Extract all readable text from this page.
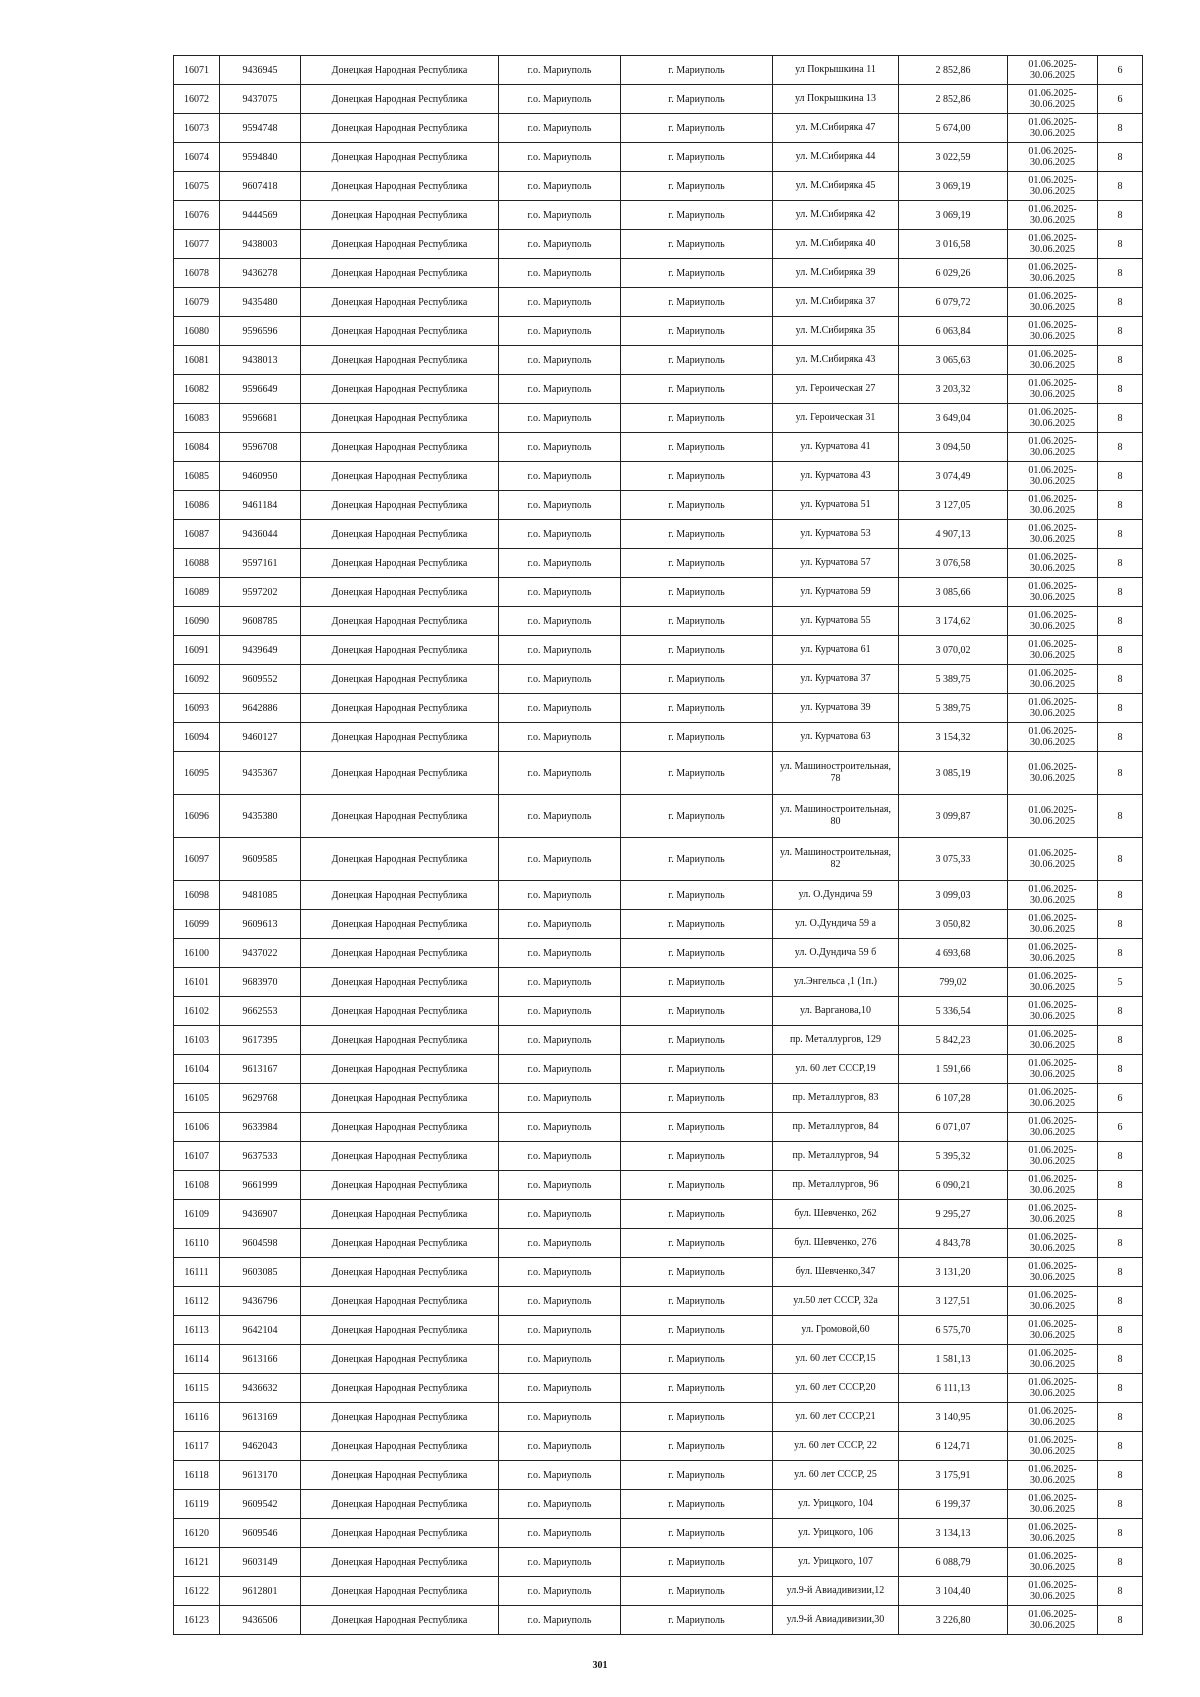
16071	9436945	Донецкая Народная Республика	г.о. Мариуполь	г. Мариуполь	ул Покрышкина 11	2 852,86	01.06.2025-
30.06.2025	6
16072	9437075	Донецкая Народная Республика	г.о. Мариуполь	г. Мариуполь	ул Покрышкина 13	2 852,86	01.06.2025-
30.06.2025	6
16073	9594748	Донецкая Народная Республика	г.о. Мариуполь	г. Мариуполь	ул. М.Сибиряка 47	5 674,00	01.06.2025-
30.06.2025	8
16074	9594840	Донецкая Народная Республика	г.о. Мариуполь	г. Мариуполь	ул. М.Сибиряка 44	3 022,59	01.06.2025-
30.06.2025	8
16075	9607418	Донецкая Народная Республика	г.о. Мариуполь	г. Мариуполь	ул. М.Сибиряка 45	3 069,19	01.06.2025-
30.06.2025	8
16076	9444569	Донецкая Народная Республика	г.о. Мариуполь	г. Мариуполь	ул. М.Сибиряка 42	3 069,19	01.06.2025-
30.06.2025	8
16077	9438003	Донецкая Народная Республика	г.о. Мариуполь	г. Мариуполь	ул. М.Сибиряка 40	3 016,58	01.06.2025-
30.06.2025	8
16078	9436278	Донецкая Народная Республика	г.о. Мариуполь	г. Мариуполь	ул. М.Сибиряка 39	6 029,26	01.06.2025-
30.06.2025	8
16079	9435480	Донецкая Народная Республика	г.о. Мариуполь	г. Мариуполь	ул. М.Сибиряка 37	6 079,72	01.06.2025-
30.06.2025	8
16080	9596596	Донецкая Народная Республика	г.о. Мариуполь	г. Мариуполь	ул. М.Сибиряка 35	6 063,84	01.06.2025-
30.06.2025	8
16081	9438013	Донецкая Народная Республика	г.о. Мариуполь	г. Мариуполь	ул. М.Сибиряка 43	3 065,63	01.06.2025-
30.06.2025	8
16082	9596649	Донецкая Народная Республика	г.о. Мариуполь	г. Мариуполь	ул. Героическая 27	3 203,32	01.06.2025-
30.06.2025	8
16083	9596681	Донецкая Народная Республика	г.о. Мариуполь	г. Мариуполь	ул. Героическая 31	3 649,04	01.06.2025-
30.06.2025	8
16084	9596708	Донецкая Народная Республика	г.о. Мариуполь	г. Мариуполь	ул. Курчатова 41	3 094,50	01.06.2025-
30.06.2025	8
16085	9460950	Донецкая Народная Республика	г.о. Мариуполь	г. Мариуполь	ул. Курчатова 43	3 074,49	01.06.2025-
30.06.2025	8
16086	9461184	Донецкая Народная Республика	г.о. Мариуполь	г. Мариуполь	ул. Курчатова 51	3 127,05	01.06.2025-
30.06.2025	8
16087	9436044	Донецкая Народная Республика	г.о. Мариуполь	г. Мариуполь	ул. Курчатова 53	4 907,13	01.06.2025-
30.06.2025	8
16088	9597161	Донецкая Народная Республика	г.о. Мариуполь	г. Мариуполь	ул. Курчатова 57	3 076,58	01.06.2025-
30.06.2025	8
16089	9597202	Донецкая Народная Республика	г.о. Мариуполь	г. Мариуполь	ул. Курчатова 59	3 085,66	01.06.2025-
30.06.2025	8
16090	9608785	Донецкая Народная Республика	г.о. Мариуполь	г. Мариуполь	ул. Курчатова 55	3 174,62	01.06.2025-
30.06.2025	8
16091	9439649	Донецкая Народная Республика	г.о. Мариуполь	г. Мариуполь	ул. Курчатова 61	3 070,02	01.06.2025-
30.06.2025	8
16092	9609552	Донецкая Народная Республика	г.о. Мариуполь	г. Мариуполь	ул. Курчатова 37	5 389,75	01.06.2025-
30.06.2025	8
16093	9642886	Донецкая Народная Республика	г.о. Мариуполь	г. Мариуполь	ул. Курчатова 39	5 389,75	01.06.2025-
30.06.2025	8
16094	9460127	Донецкая Народная Республика	г.о. Мариуполь	г. Мариуполь	ул. Курчатова 63	3 154,32	01.06.2025-
30.06.2025	8
16095	9435367	Донецкая Народная Республика	г.о. Мариуполь	г. Мариуполь	ул. Машиностроительная, 78	3 085,19	01.06.2025-
30.06.2025	8
16096	9435380	Донецкая Народная Республика	г.о. Мариуполь	г. Мариуполь	ул. Машиностроительная, 80	3 099,87	01.06.2025-
30.06.2025	8
16097	9609585	Донецкая Народная Республика	г.о. Мариуполь	г. Мариуполь	ул. Машиностроительная, 82	3 075,33	01.06.2025-
30.06.2025	8
16098	9481085	Донецкая Народная Республика	г.о. Мариуполь	г. Мариуполь	ул. О.Дундича 59	3 099,03	01.06.2025-
30.06.2025	8
16099	9609613	Донецкая Народная Республика	г.о. Мариуполь	г. Мариуполь	ул. О.Дундича 59 а	3 050,82	01.06.2025-
30.06.2025	8
16100	9437022	Донецкая Народная Республика	г.о. Мариуполь	г. Мариуполь	ул. О.Дундича 59 б	4 693,68	01.06.2025-
30.06.2025	8
16101	9683970	Донецкая Народная Республика	г.о. Мариуполь	г. Мариуполь	ул.Энгельса ,1 (1п.)	799,02	01.06.2025-
30.06.2025	5
16102	9662553	Донецкая Народная Республика	г.о. Мариуполь	г. Мариуполь	ул. Варганова,10	5 336,54	01.06.2025-
30.06.2025	8
16103	9617395	Донецкая Народная Республика	г.о. Мариуполь	г. Мариуполь	пр. Металлургов, 129	5 842,23	01.06.2025-
30.06.2025	8
16104	9613167	Донецкая Народная Республика	г.о. Мариуполь	г. Мариуполь	ул. 60 лет СССР,19	1 591,66	01.06.2025-
30.06.2025	8
16105	9629768	Донецкая Народная Республика	г.о. Мариуполь	г. Мариуполь	пр. Металлургов, 83	6 107,28	01.06.2025-
30.06.2025	6
16106	9633984	Донецкая Народная Республика	г.о. Мариуполь	г. Мариуполь	пр. Металлургов, 84	6 071,07	01.06.2025-
30.06.2025	6
16107	9637533	Донецкая Народная Республика	г.о. Мариуполь	г. Мариуполь	пр. Металлургов, 94	5 395,32	01.06.2025-
30.06.2025	8
16108	9661999	Донецкая Народная Республика	г.о. Мариуполь	г. Мариуполь	пр. Металлургов, 96	6 090,21	01.06.2025-
30.06.2025	8
16109	9436907	Донецкая Народная Республика	г.о. Мариуполь	г. Мариуполь	бул. Шевченко, 262	9 295,27	01.06.2025-
30.06.2025	8
16110	9604598	Донецкая Народная Республика	г.о. Мариуполь	г. Мариуполь	бул. Шевченко, 276	4 843,78	01.06.2025-
30.06.2025	8
16111	9603085	Донецкая Народная Республика	г.о. Мариуполь	г. Мариуполь	бул. Шевченко,347	3 131,20	01.06.2025-
30.06.2025	8
16112	9436796	Донецкая Народная Республика	г.о. Мариуполь	г. Мариуполь	ул.50 лет СССР, 32а	3 127,51	01.06.2025-
30.06.2025	8
16113	9642104	Донецкая Народная Республика	г.о. Мариуполь	г. Мариуполь	ул. Громовой,60	6 575,70	01.06.2025-
30.06.2025	8
16114	9613166	Донецкая Народная Республика	г.о. Мариуполь	г. Мариуполь	ул. 60 лет СССР,15	1 581,13	01.06.2025-
30.06.2025	8
16115	9436632	Донецкая Народная Республика	г.о. Мариуполь	г. Мариуполь	ул. 60 лет СССР,20	6 111,13	01.06.2025-
30.06.2025	8
16116	9613169	Донецкая Народная Республика	г.о. Мариуполь	г. Мариуполь	ул. 60 лет СССР,21	3 140,95	01.06.2025-
30.06.2025	8
16117	9462043	Донецкая Народная Республика	г.о. Мариуполь	г. Мариуполь	ул. 60 лет СССР, 22	6 124,71	01.06.2025-
30.06.2025	8
16118	9613170	Донецкая Народная Республика	г.о. Мариуполь	г. Мариуполь	ул. 60 лет СССР, 25	3 175,91	01.06.2025-
30.06.2025	8
16119	9609542	Донецкая Народная Республика	г.о. Мариуполь	г. Мариуполь	ул. Урицкого, 104	6 199,37	01.06.2025-
30.06.2025	8
16120	9609546	Донецкая Народная Республика	г.о. Мариуполь	г. Мариуполь	ул. Урицкого, 106	3 134,13	01.06.2025-
30.06.2025	8
16121	9603149	Донецкая Народная Республика	г.о. Мариуполь	г. Мариуполь	ул. Урицкого, 107	6 088,79	01.06.2025-
30.06.2025	8
16122	9612801	Донецкая Народная Республика	г.о. Мариуполь	г. Мариуполь	ул.9-й Авиадивизии,12	3 104,40	01.06.2025-
30.06.2025	8
16123	9436506	Донецкая Народная Республика	г.о. Мариуполь	г. Мариуполь	ул.9-й Авиадивизии,30	3 226,80	01.06.2025-
30.06.2025	8
301
